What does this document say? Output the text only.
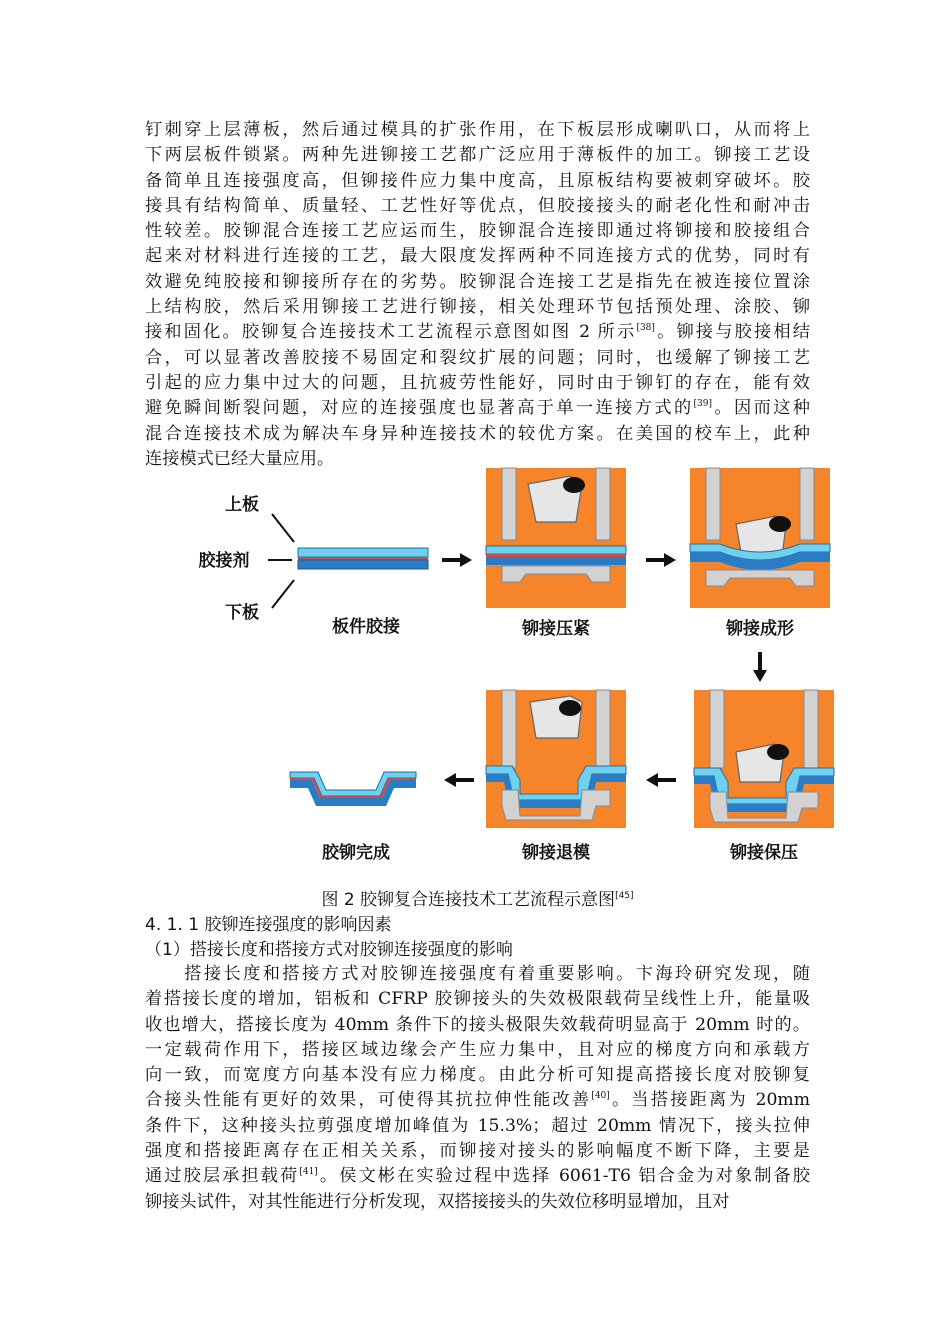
钉刺穿上层薄板，然后通过模具的扩张作用，在下板层形成喇叭口，从而将上
下两层板件锁紧。两种先进铆接工艺都广泛应用于薄板件的加工。铆接工艺设
备简单且连接强度高，但铆接件应力集中度高，且原板结构要被刺穿破坏。胶
接具有结构简单、质量轻、工艺性好等优点，但胶接接头的耐老化性和耐冲击
性较差。胶铆混合连接工艺应运而生，胶铆混合连接即通过将铆接和胶接组合
起来对材料进行连接的工艺，最大限度发挥两种不同连接方式的优势，同时有
效避免纯胶接和铆接所存在的劣势。胶铆混合连接工艺是指先在被连接位置涂
上结构胶，然后采用铆接工艺进行铆接，相关处理环节包括预处理、涂胶、铆
接和固化。胶铆复合连接技术工艺流程示意图如图 2 所示[38]。铆接与胶接相结
合，可以显著改善胶接不易固定和裂纹扩展的问题；同时，也缓解了铆接工艺
引起的应力集中过大的问题，且抗疲劳性能好，同时由于铆钉的存在，能有效
避免瞬间断裂问题，对应的连接强度也显著高于单一连接方式的[39]。因而这种
混合连接技术成为解决车身异种连接技术的较优方案。在美国的校车上，此种
连接模式已经大量应用。
上板
胶接剂
下板
板件胶接	铆接压紧	铆接成形
铆接保压
铆接退模
胶铆完成
图 2 胶铆复合连接技术工艺流程示意图[45]
4. 1. 1 胶铆连接强度的影响因素
（1）搭接长度和搭接方式对胶铆连接强度的影响
　　搭接长度和搭接方式对胶铆连接强度有着重要影响。卞海玲研究发现，随
着搭接长度的增加，铝板和 CFRP 胶铆接头的失效极限载荷呈线性上升，能量吸
收也增大，搭接长度为 40mm 条件下的接头极限失效载荷明显高于 20mm 时的。
一定载荷作用下，搭接区域边缘会产生应力集中，且对应的梯度方向和承载方
向一致，而宽度方向基本没有应力梯度。由此分析可知提高搭接长度对胶铆复
合接头性能有更好的效果，可使得其抗拉伸性能改善[40]。当搭接距离为 20mm
条件下，这种接头拉剪强度增加峰值为 15.3%；超过 20mm 情况下，接头拉伸
强度和搭接距离存在正相关关系，而铆接对接头的影响幅度不断下降，主要是
通过胶层承担载荷[41]。侯文彬在实验过程中选择 6061-T6 铝合金为对象制备胶
铆接头试件，对其性能进行分析发现，双搭接接头的失效位移明显增加，且对
